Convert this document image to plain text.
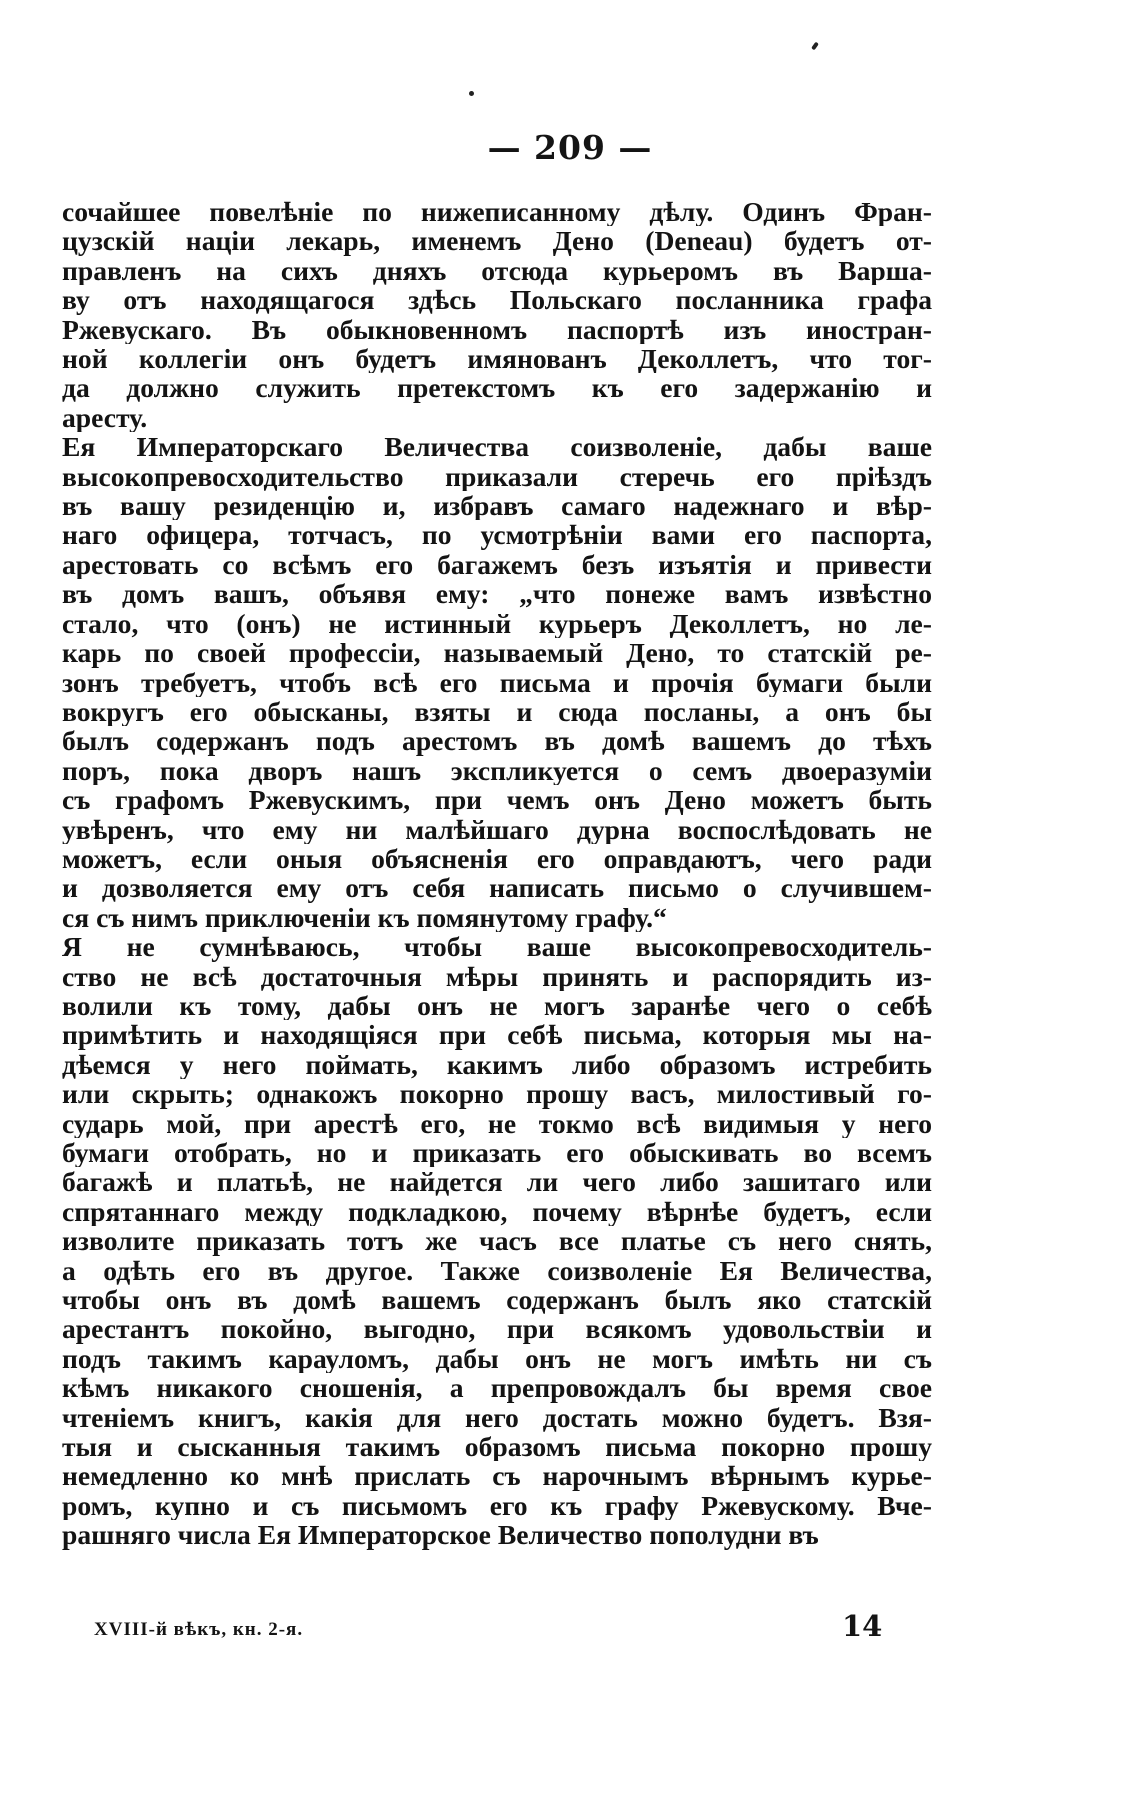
— 209 —
сочайшее повелѣніе по нижеписанному дѣлу. Одинъ Фран-
цузскій націи лекарь, именемъ Дено (Deneau) будетъ от-
правленъ на сихъ дняхъ отсюда курьеромъ въ Варша-
ву отъ находящагося здѣсь Польскаго посланника графа
Ржевускаго. Въ обыкновенномъ паспортѣ изъ иностран-
ной коллегіи онъ будетъ имянованъ Деколлетъ, что тог-
да должно служить претекстомъ къ его задержанію и
аресту.
Ея Императорскаго Величества соизволеніе, дабы ваше
высокопревосходительство приказали стеречь его пріѣздъ
въ вашу резиденцію и, избравъ самаго надежнаго и вѣр-
наго офицера, тотчасъ, по усмотрѣніи вами его паспорта,
арестовать со всѣмъ его багажемъ безъ изъятія и привести
въ домъ вашъ, объявя ему: „что понеже вамъ извѣстно
стало, что (онъ) не истинный курьеръ Деколлетъ, но ле-
карь по своей профессіи, называемый Дено, то статскій ре-
зонъ требуетъ, чтобъ всѣ его письма и прочія бумаги были
вокругъ его обысканы, взяты и сюда посланы, а онъ бы
былъ содержанъ подъ арестомъ въ домѣ вашемъ до тѣхъ
поръ, пока дворъ нашъ экспликуется о семъ двоеразуміи
съ графомъ Ржевускимъ, при чемъ онъ Дено можетъ быть
увѣренъ, что ему ни малѣйшаго дурна воспослѣдовать не
можетъ, если оныя объясненія его оправдаютъ, чего ради
и дозволяется ему отъ себя написать письмо о случившем-
ся съ нимъ приключеніи къ помянутому графу.“
Я не сумнѣваюсь, чтобы ваше высокопревосходитель-
ство не всѣ достаточныя мѣры принять и распорядить из-
волили къ тому, дабы онъ не могъ заранѣе чего о себѣ
примѣтить и находящіяся при себѣ письма, которыя мы на-
дѣемся у него поймать, какимъ либо образомъ истребить
или скрыть; однакожъ покорно прошу васъ, милостивый го-
сударь мой, при арестѣ его, не токмо всѣ видимыя у него
бумаги отобрать, но и приказать его обыскивать во всемъ
багажѣ и платьѣ, не найдется ли чего либо зашитаго или
спрятаннаго между подкладкою, почему вѣрнѣе будетъ, если
изволите приказать тотъ же часъ все платье съ него снять,
а одѣть его въ другое. Также соизволеніе Ея Величества,
чтобы онъ въ домѣ вашемъ содержанъ былъ яко статскій
арестантъ покойно, выгодно, при всякомъ удовольствіи и
подъ такимъ карауломъ, дабы онъ не могъ имѣть ни съ
кѣмъ никакого сношенія, а препровождалъ бы время свое
чтеніемъ книгъ, какія для него достать можно будетъ. Взя-
тыя и сысканныя такимъ образомъ письма покорно прошу
немедленно ко мнѣ прислать съ нарочнымъ вѣрнымъ курье-
ромъ, купно и съ письмомъ его къ графу Ржевускому. Вче-
рашняго числа Ея Императорское Величество пополудни въ
XVIII-й вѣкъ, кн. 2-я.	14
